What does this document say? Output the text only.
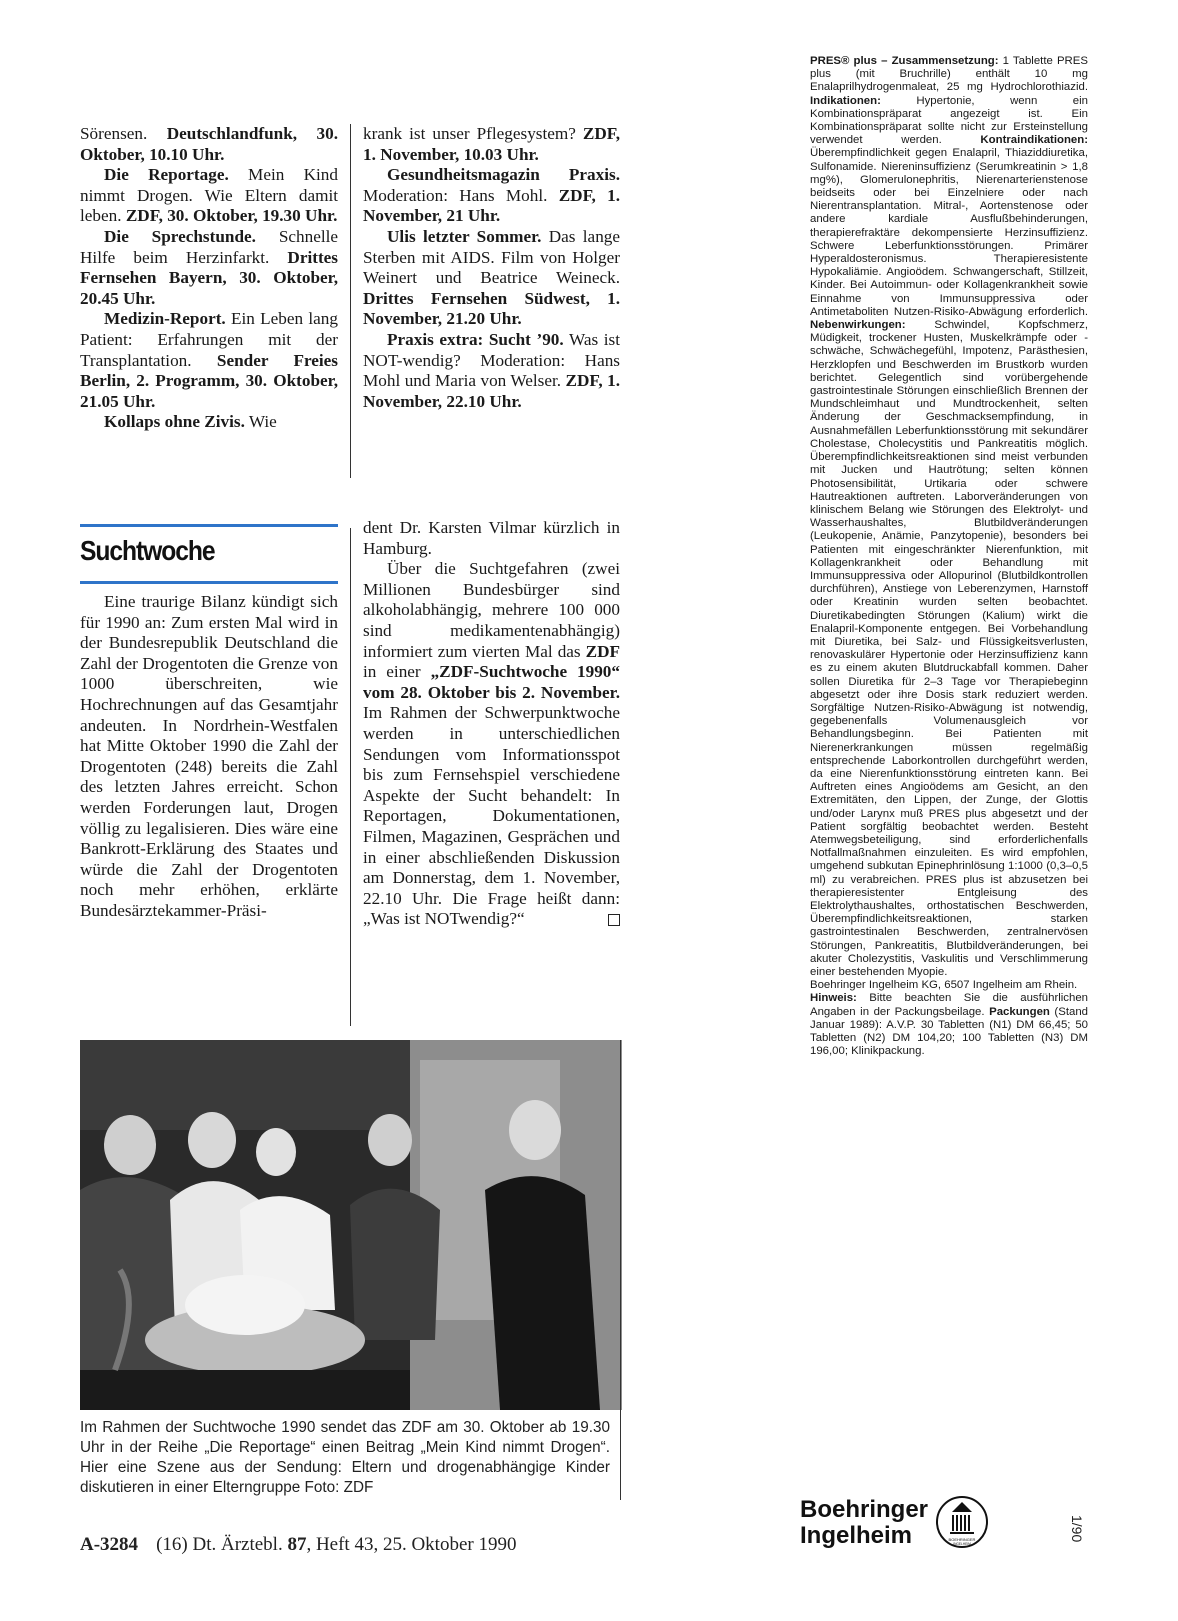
Sörensen. Deutschlandfunk, 30. Oktober, 10.10 Uhr.

Die Reportage. Mein Kind nimmt Drogen. Wie Eltern damit leben. ZDF, 30. Oktober, 19.30 Uhr.

Die Sprechstunde. Schnelle Hilfe beim Herzinfarkt. Drittes Fernsehen Bayern, 30. Oktober, 20.45 Uhr.

Medizin-Report. Ein Leben lang Patient: Erfahrungen mit der Transplantation. Sender Freies Berlin, 2. Programm, 30. Oktober, 21.05 Uhr.

Kollaps ohne Zivis. Wie

krank ist unser Pflegesystem? ZDF, 1. November, 10.03 Uhr.

Gesundheitsmagazin Praxis. Moderation: Hans Mohl. ZDF, 1. November, 21 Uhr.

Ulis letzter Sommer. Das lange Sterben mit AIDS. Film von Holger Weinert und Beatrice Weineck. Drittes Fernsehen Südwest, 1. November, 21.20 Uhr.

Praxis extra: Sucht ’90. Was ist NOT-wendig? Moderation: Hans Mohl und Maria von Welser. ZDF, 1. November, 22.10 Uhr.

Suchtwoche

Eine traurige Bilanz kündigt sich für 1990 an: Zum ersten Mal wird in der Bundesrepublik Deutschland die Zahl der Drogentoten die Grenze von 1000 überschreiten, wie Hochrechnungen auf das Gesamtjahr andeuten. In Nordrhein-Westfalen hat Mitte Oktober 1990 die Zahl der Drogentoten (248) bereits die Zahl des letzten Jahres erreicht. Schon werden Forderungen laut, Drogen völlig zu legalisieren. Dies wäre eine Bankrott-Erklärung des Staates und würde die Zahl der Drogentoten noch mehr erhöhen, erklärte Bundesärztekammer-Präsi-

dent Dr. Karsten Vilmar kürzlich in Hamburg.

Über die Suchtgefahren (zwei Millionen Bundesbürger sind alkoholabhängig, mehrere 100 000 sind medikamentenabhängig) informiert zum vierten Mal das ZDF in einer „ZDF-Suchtwoche 1990“ vom 28. Oktober bis 2. November. Im Rahmen der Schwerpunktwoche werden in unterschiedlichen Sendungen vom Informationsspot bis zum Fernsehspiel verschiedene Aspekte der Sucht behandelt: In Reportagen, Dokumentationen, Filmen, Magazinen, Gesprächen und in einer abschließenden Diskussion am Donnerstag, dem 1. November, 22.10 Uhr. Die Frage heißt dann: „Was ist NOTwendig?“

Im Rahmen der Suchtwoche 1990 sendet das ZDF am 30. Oktober ab 19.30 Uhr in der Reihe „Die Reportage“ einen Beitrag „Mein Kind nimmt Drogen“. Hier eine Szene aus der Sendung: Eltern und drogenabhängige Kinder diskutieren in einer Elterngruppe Foto: ZDF
A-3284 (16) Dt. Ärztebl. 87, Heft 43, 25. Oktober 1990

PRES® plus – Zusammensetzung: 1 Tablette PRES plus (mit Bruchrille) enthält 10 mg Enalaprilhydrogenmaleat, 25 mg Hydrochlorothiazid. Indikationen: Hypertonie, wenn ein Kombinationspräparat angezeigt ist. Ein Kombinationspräparat sollte nicht zur Ersteinstellung verwendet werden. Kontraindikationen: Überempfindlichkeit gegen Enalapril, Thiaziddiuretika, Sulfonamide. Niereninsuffizienz (Serumkreatinin > 1,8 mg%), Glomerulonephritis, Nierenarterienstenose beidseits oder bei Einzelniere oder nach Nierentransplantation. Mitral-, Aortenstenose oder andere kardiale Ausflußbehinderungen, therapierefraktäre dekompensierte Herzinsuffizienz. Schwere Leberfunktionsstörungen. Primärer Hyperaldosteronismus. Therapieresistente Hypokaliämie. Angioödem. Schwangerschaft, Stillzeit, Kinder. Bei Autoimmun- oder Kollagenkrankheit sowie Einnahme von Immunsuppressiva oder Antimetaboliten Nutzen-Risiko-Abwägung erforderlich. Nebenwirkungen: Schwindel, Kopfschmerz, Müdigkeit, trockener Husten, Muskelkrämpfe oder -schwäche, Schwächegefühl, Impotenz, Parästhesien, Herzklopfen und Beschwerden im Brustkorb wurden berichtet. Gelegentlich sind vorübergehende gastrointestinale Störungen einschließlich Brennen der Mundschleimhaut und Mundtrockenheit, selten Änderung der Geschmacksempfindung, in Ausnahmefällen Leberfunktionsstörung mit sekundärer Cholestase, Cholecystitis und Pankreatitis möglich. Überempfindlichkeitsreaktionen sind meist verbunden mit Jucken und Hautrötung; selten können Photosensibilität, Urtikaria oder schwere Hautreaktionen auftreten. Laborveränderungen von klinischem Belang wie Störungen des Elektrolyt- und Wasserhaushaltes, Blutbildveränderungen (Leukopenie, Anämie, Panzytopenie), besonders bei Patienten mit eingeschränkter Nierenfunktion, mit Kollagenkrankheit oder Behandlung mit Immunsuppressiva oder Allopurinol (Blutbildkontrollen durchführen), Anstiege von Leberenzymen, Harnstoff oder Kreatinin wurden selten beobachtet. Diuretikabedingten Störungen (Kalium) wirkt die Enalapril-Komponente entgegen. Bei Vorbehandlung mit Diuretika, bei Salz- und Flüssigkeitsverlusten, renovaskulärer Hypertonie oder Herzinsuffizienz kann es zu einem akuten Blutdruckabfall kommen. Daher sollen Diuretika für 2–3 Tage vor Therapiebeginn abgesetzt oder ihre Dosis stark reduziert werden. Sorgfältige Nutzen-Risiko-Abwägung ist notwendig, gegebenenfalls Volumenausgleich vor Behandlungsbeginn. Bei Patienten mit Nierenerkrankungen müssen regelmäßig entsprechende Laborkontrollen durchgeführt werden, da eine Nierenfunktionsstörung eintreten kann. Bei Auftreten eines Angioödems am Gesicht, an den Extremitäten, den Lippen, der Zunge, der Glottis und/oder Larynx muß PRES plus abgesetzt und der Patient sorgfältig beobachtet werden. Besteht Atemwegsbeteiligung, sind erforderlichenfalls Notfallmaßnahmen einzuleiten. Es wird empfohlen, umgehend subkutan Epinephrinlösung 1:1000 (0,3–0,5 ml) zu verabreichen. PRES plus ist abzusetzen bei therapieresistenter Entgleisung des Elektrolythaushaltes, orthostatischen Beschwerden, Überempfindlichkeitsreaktionen, starken gastrointestinalen Beschwerden, zentralnervösen Störungen, Pankreatitis, Blutbildveränderungen, bei akuter Cholezystitis, Vaskulitis und Verschlimmerung einer bestehenden Myopie.

Boehringer Ingelheim KG, 6507 Ingelheim am Rhein.

Hinweis: Bitte beachten Sie die ausführlichen Angaben in der Packungsbeilage. Packungen (Stand Januar 1989): A.V.P. 30 Tabletten (N1) DM 66,45; 50 Tabletten (N2) DM 104,20; 100 Tabletten (N3) DM 196,00; Klinikpackung.

Boehringer
Ingelheim	BOEHRINGER
INGELHEIM
1/90
